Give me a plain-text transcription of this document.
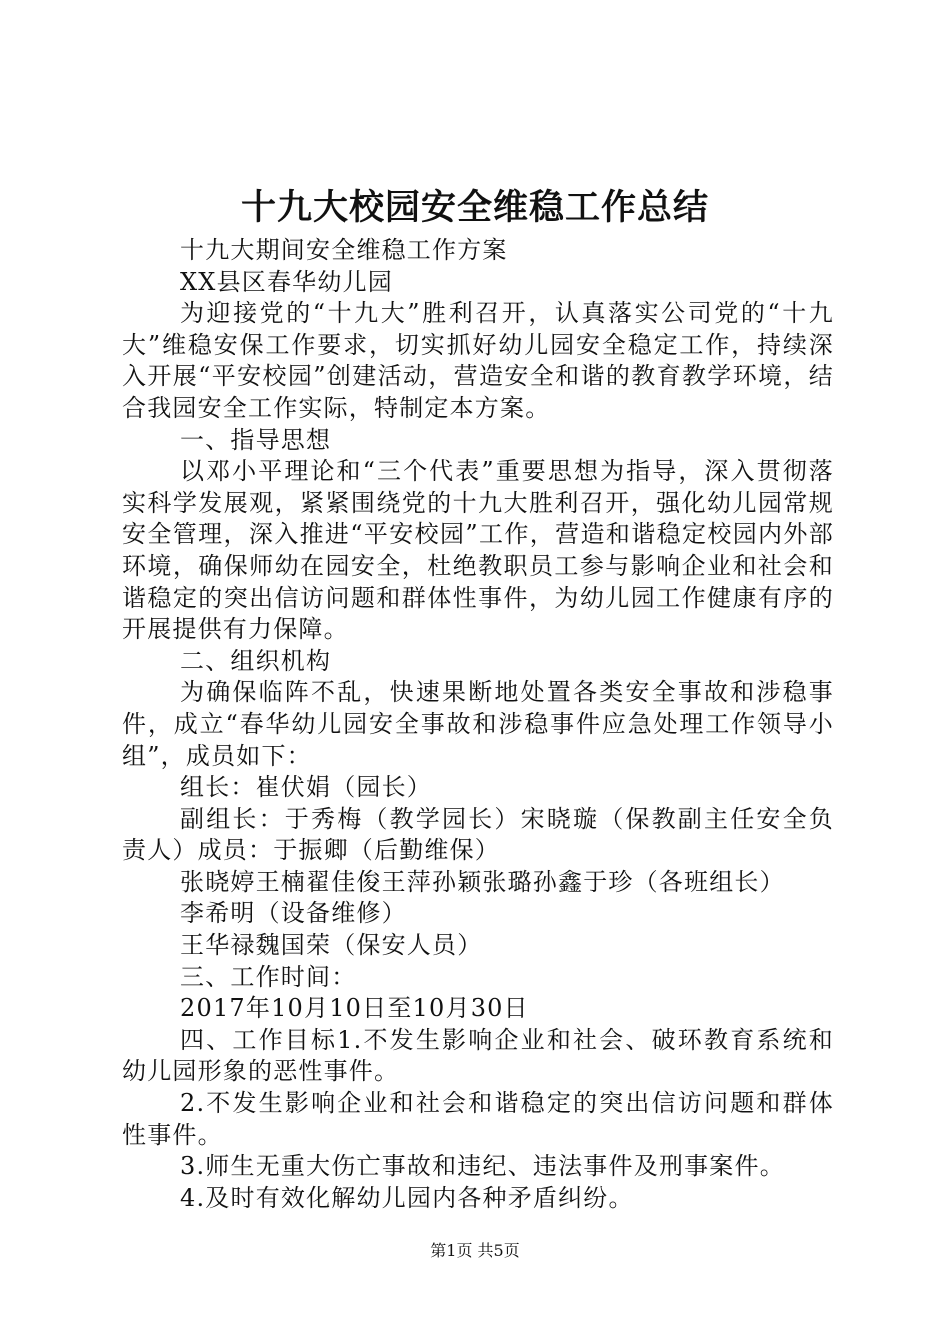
十九大校园安全维稳工作总结

十九大期间安全维稳工作方案

XX县区春华幼儿园

为迎接党的“十九大”胜利召开，认真落实公司党的“十九大”维稳安保工作要求，切实抓好幼儿园安全稳定工作，持续深入开展“平安校园”创建活动，营造安全和谐的教育教学环境，结合我园安全工作实际，特制定本方案。

一、指导思想

以邓小平理论和“三个代表”重要思想为指导，深入贯彻落实科学发展观，紧紧围绕党的十九大胜利召开，强化幼儿园常规安全管理，深入推进“平安校园”工作，营造和谐稳定校园内外部环境，确保师幼在园安全，杜绝教职员工参与影响企业和社会和谐稳定的突出信访问题和群体性事件，为幼儿园工作健康有序的开展提供有力保障。

二、组织机构

为确保临阵不乱，快速果断地处置各类安全事故和涉稳事件，成立“春华幼儿园安全事故和涉稳事件应急处理工作领导小组”，成员如下：

组长：崔伏娟（园长）

副组长：于秀梅（教学园长）宋晓璇（保教副主任安全负责人）成员：于振卿（后勤维保）

张晓婷王楠翟佳俊王萍孙颖张璐孙鑫于珍（各班组长）

李希明（设备维修）

王华禄魏国荣（保安人员）

三、工作时间：

2017年10月10日至10月30日

四、工作目标1.不发生影响企业和社会、破环教育系统和幼儿园形象的恶性事件。

2.不发生影响企业和社会和谐稳定的突出信访问题和群体性事件。

3.师生无重大伤亡事故和违纪、违法事件及刑事案件。

4.及时有效化解幼儿园内各种矛盾纠纷。

第1页 共5页
